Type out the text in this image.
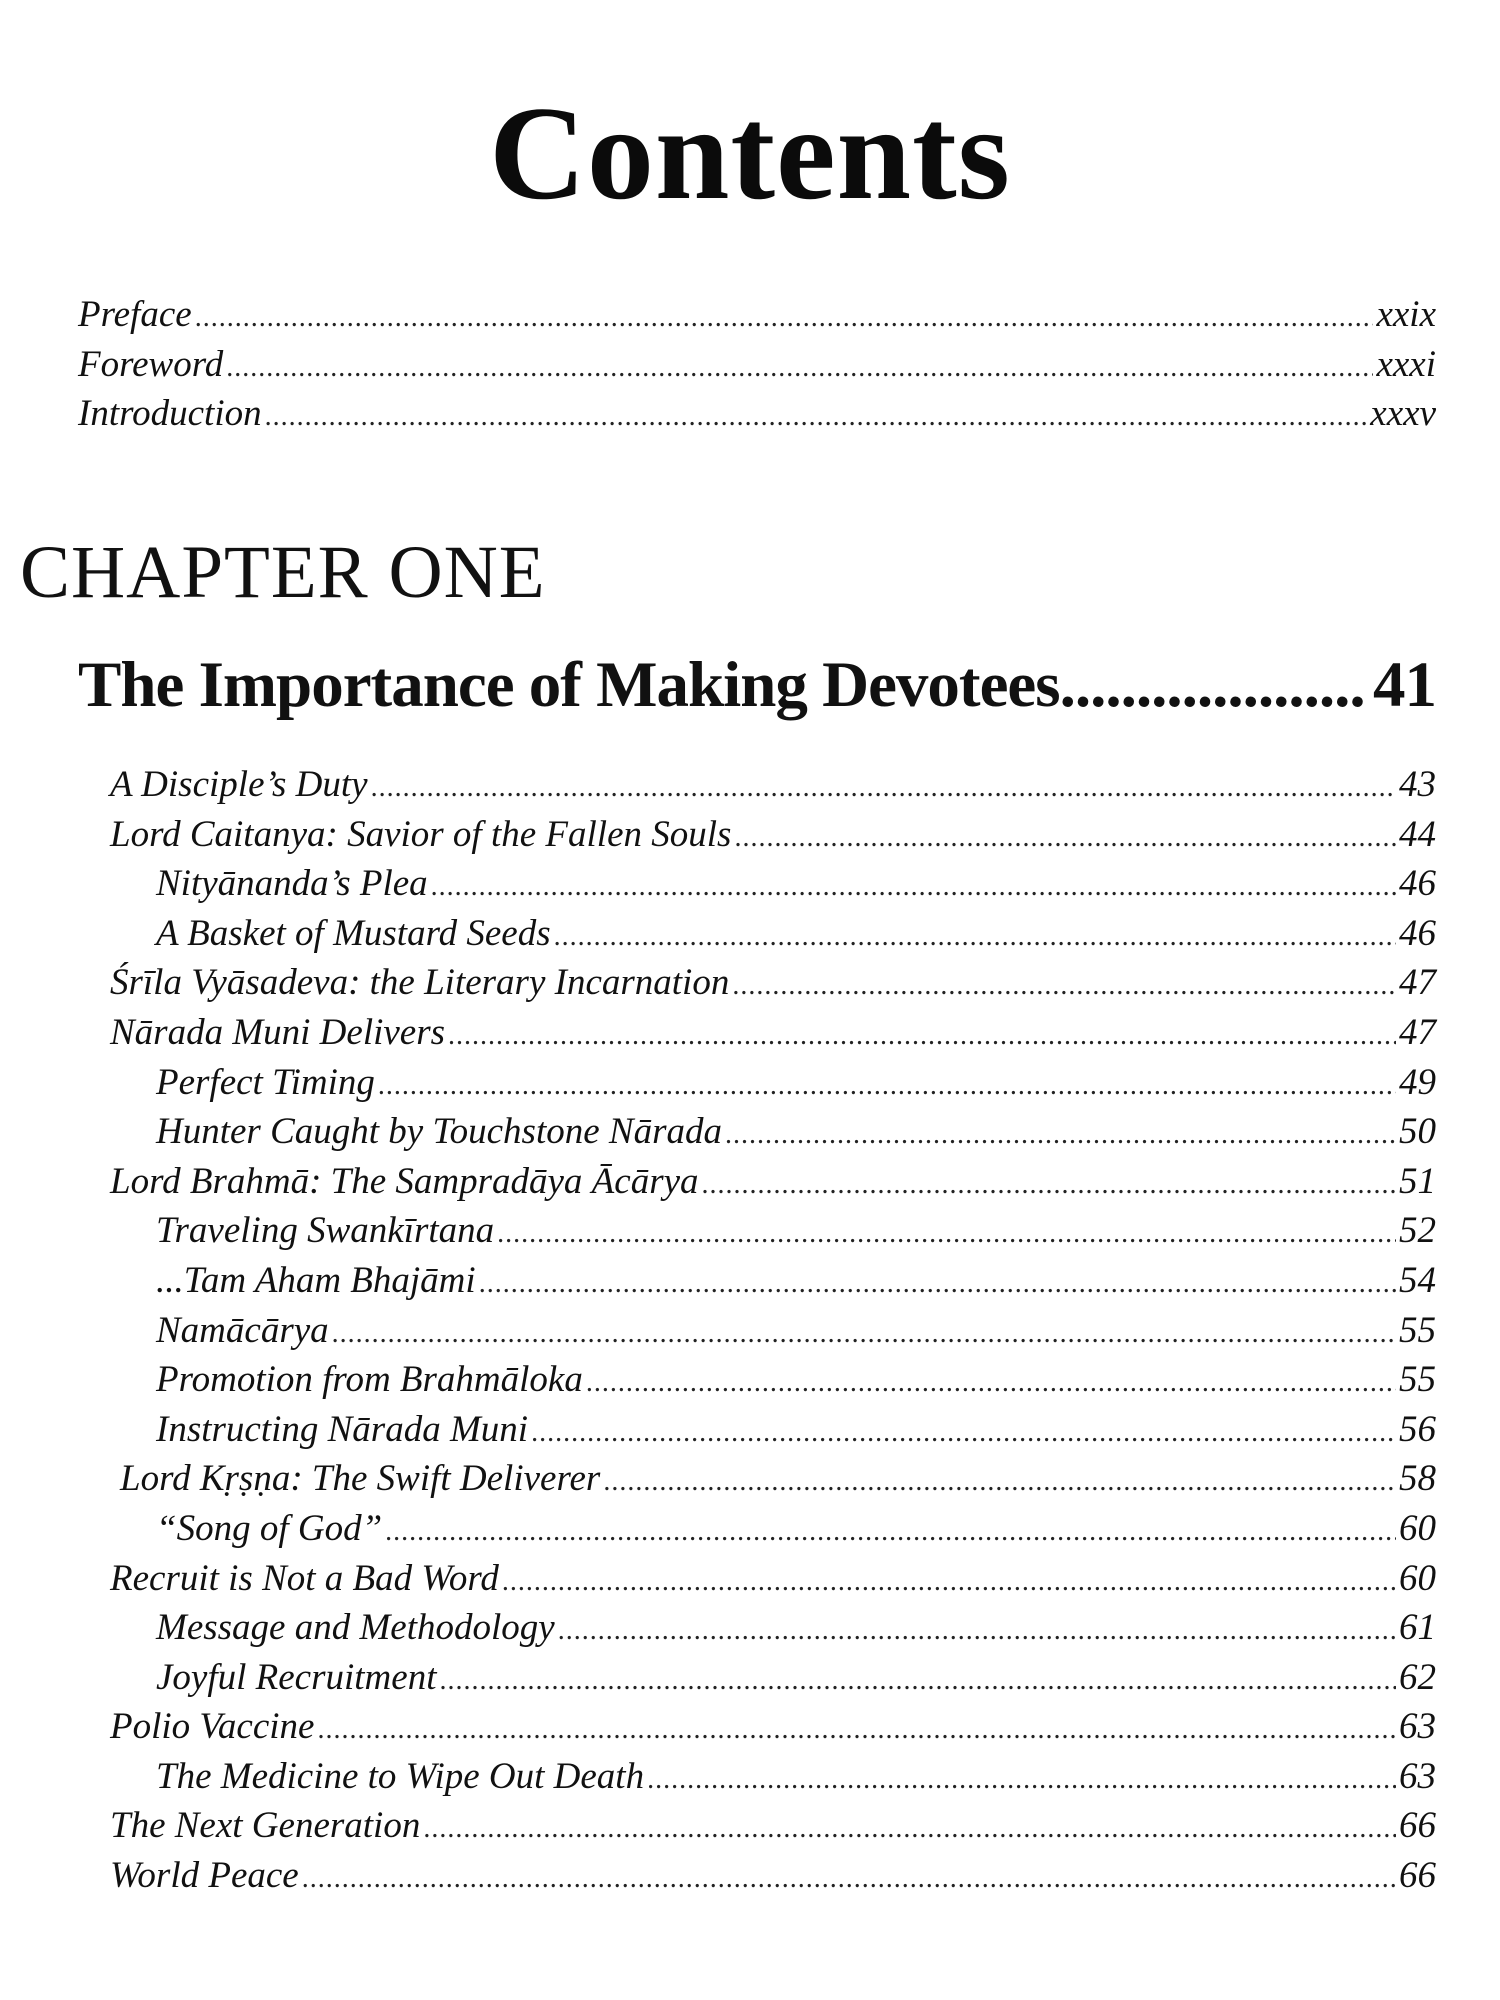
Contents
Preface .....	xxix
Foreword .....	xxxi
Introduction .....	xxxv
CHAPTER ONE
The Importance of Making Devotees .....	41
A Disciple’s Duty .....	43
Lord Caitanya: Savior of the Fallen Souls .....	44
Nityānanda’s Plea .....	46
A Basket of Mustard Seeds .....	46
Śrīla Vyāsadeva: the Literary Incarnation .....	47
Nārada Muni Delivers .....	47
Perfect Timing .....	49
Hunter Caught by Touchstone Nārada .....	50
Lord Brahmā: The Sampradāya Ācārya .....	51
Traveling Swankīrtana .....	52
...Tam Aham Bhajāmi .....	54
Namācārya .....	55
Promotion from Brahmāloka .....	55
Instructing Nārada Muni .....	56
Lord Kṛṣṇa: The Swift Deliverer .....	58
“Song of God” .....	60
Recruit is Not a Bad Word .....	60
Message and Methodology .....	61
Joyful Recruitment .....	62
Polio Vaccine .....	63
The Medicine to Wipe Out Death .....	63
The Next Generation .....	66
World Peace .....	66
